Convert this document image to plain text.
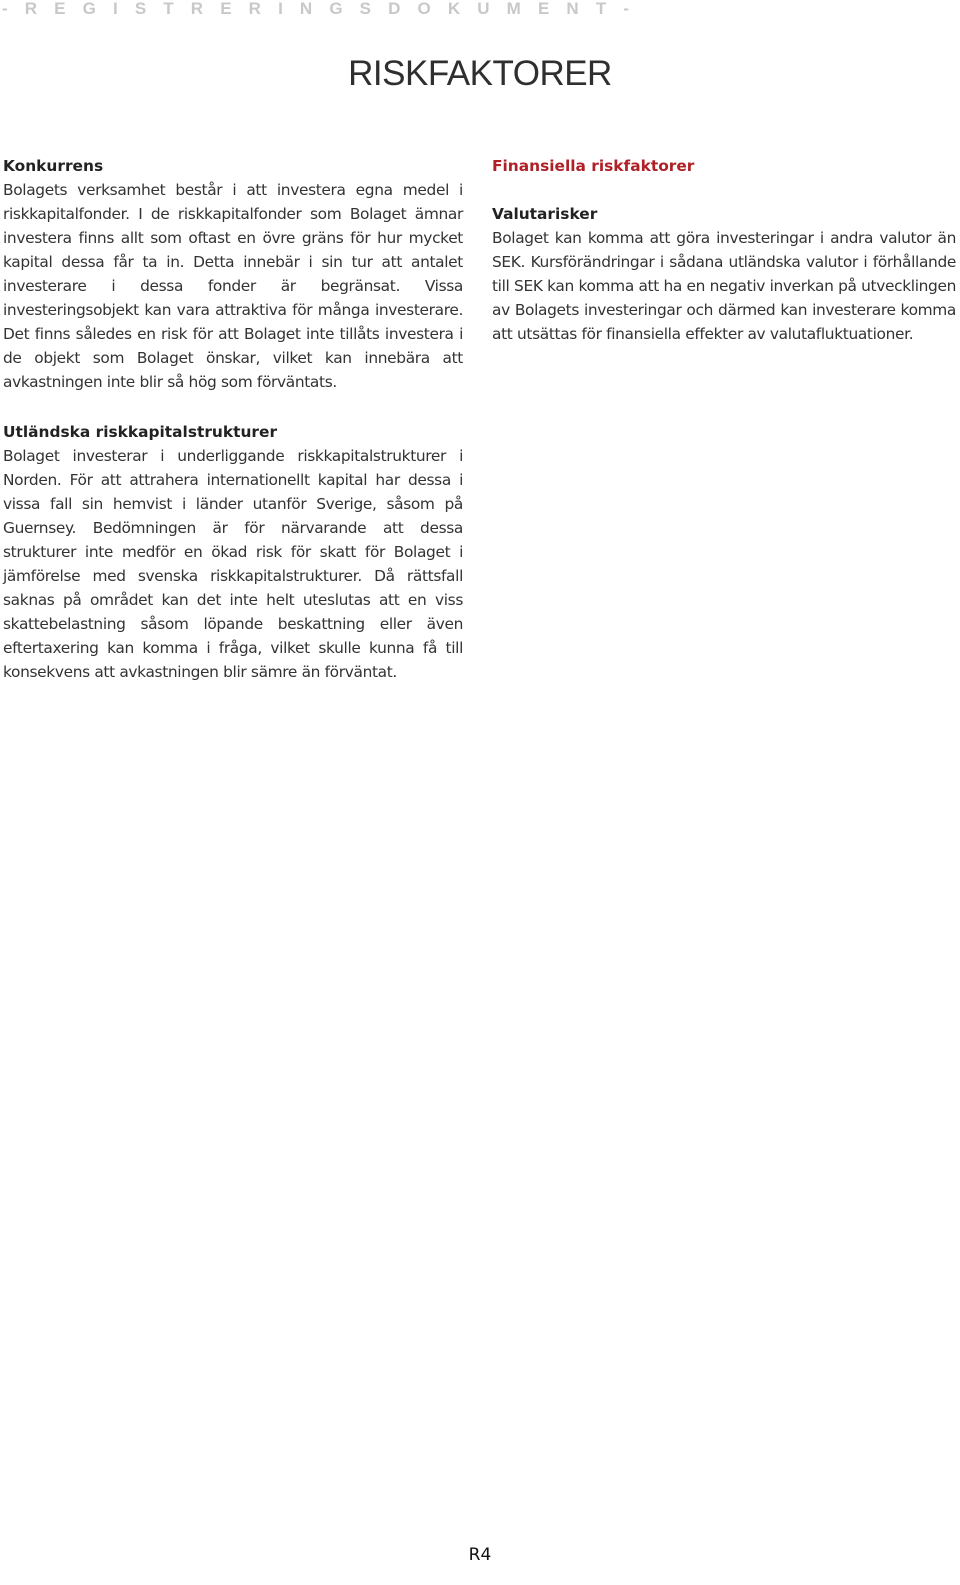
- R E G I S T R E R I N G S D O K U M E N T -
RISKFAKTORER
Konkurrens

Bolagets verksamhet består i att investera egna medel i riskkapitalfonder. I de riskkapitalfonder som Bolaget ämnar investera finns allt som oftast en övre gräns för hur mycket kapital dessa får ta in. Detta innebär i sin tur att antalet investerare i dessa fonder är begränsat. Vissa investeringsobjekt kan vara attraktiva för många investerare. Det finns således en risk för att Bolaget inte tillåts investera i de objekt som Bolaget önskar, vilket kan innebära att avkastningen inte blir så hög som förväntats.

Utländska riskkapitalstrukturer

Bolaget investerar i underliggande riskkapitalstrukturer i Norden. För att attrahera internationellt kapital har dessa i vissa fall sin hemvist i länder utanför Sverige, såsom på Guernsey. Bedömningen är för närvarande att dessa strukturer inte medför en ökad risk för skatt för Bolaget i jämförelse med svenska riskkapitalstrukturer. Då rättsfall saknas på området kan det inte helt uteslutas att en viss skattebelastning såsom löpande beskattning eller även eftertaxering kan komma i fråga, vilket skulle kunna få till konsekvens att avkastningen blir sämre än förväntat.

Finansiella riskfaktorer
Valutarisker

Bolaget kan komma att göra investeringar i andra valutor än SEK. Kursförändringar i sådana utländska valutor i förhållande till SEK kan komma att ha en negativ inverkan på utvecklingen av Bolagets investeringar och därmed kan investerare komma att utsättas för finansiella effekter av valutafluktuationer.

R4
